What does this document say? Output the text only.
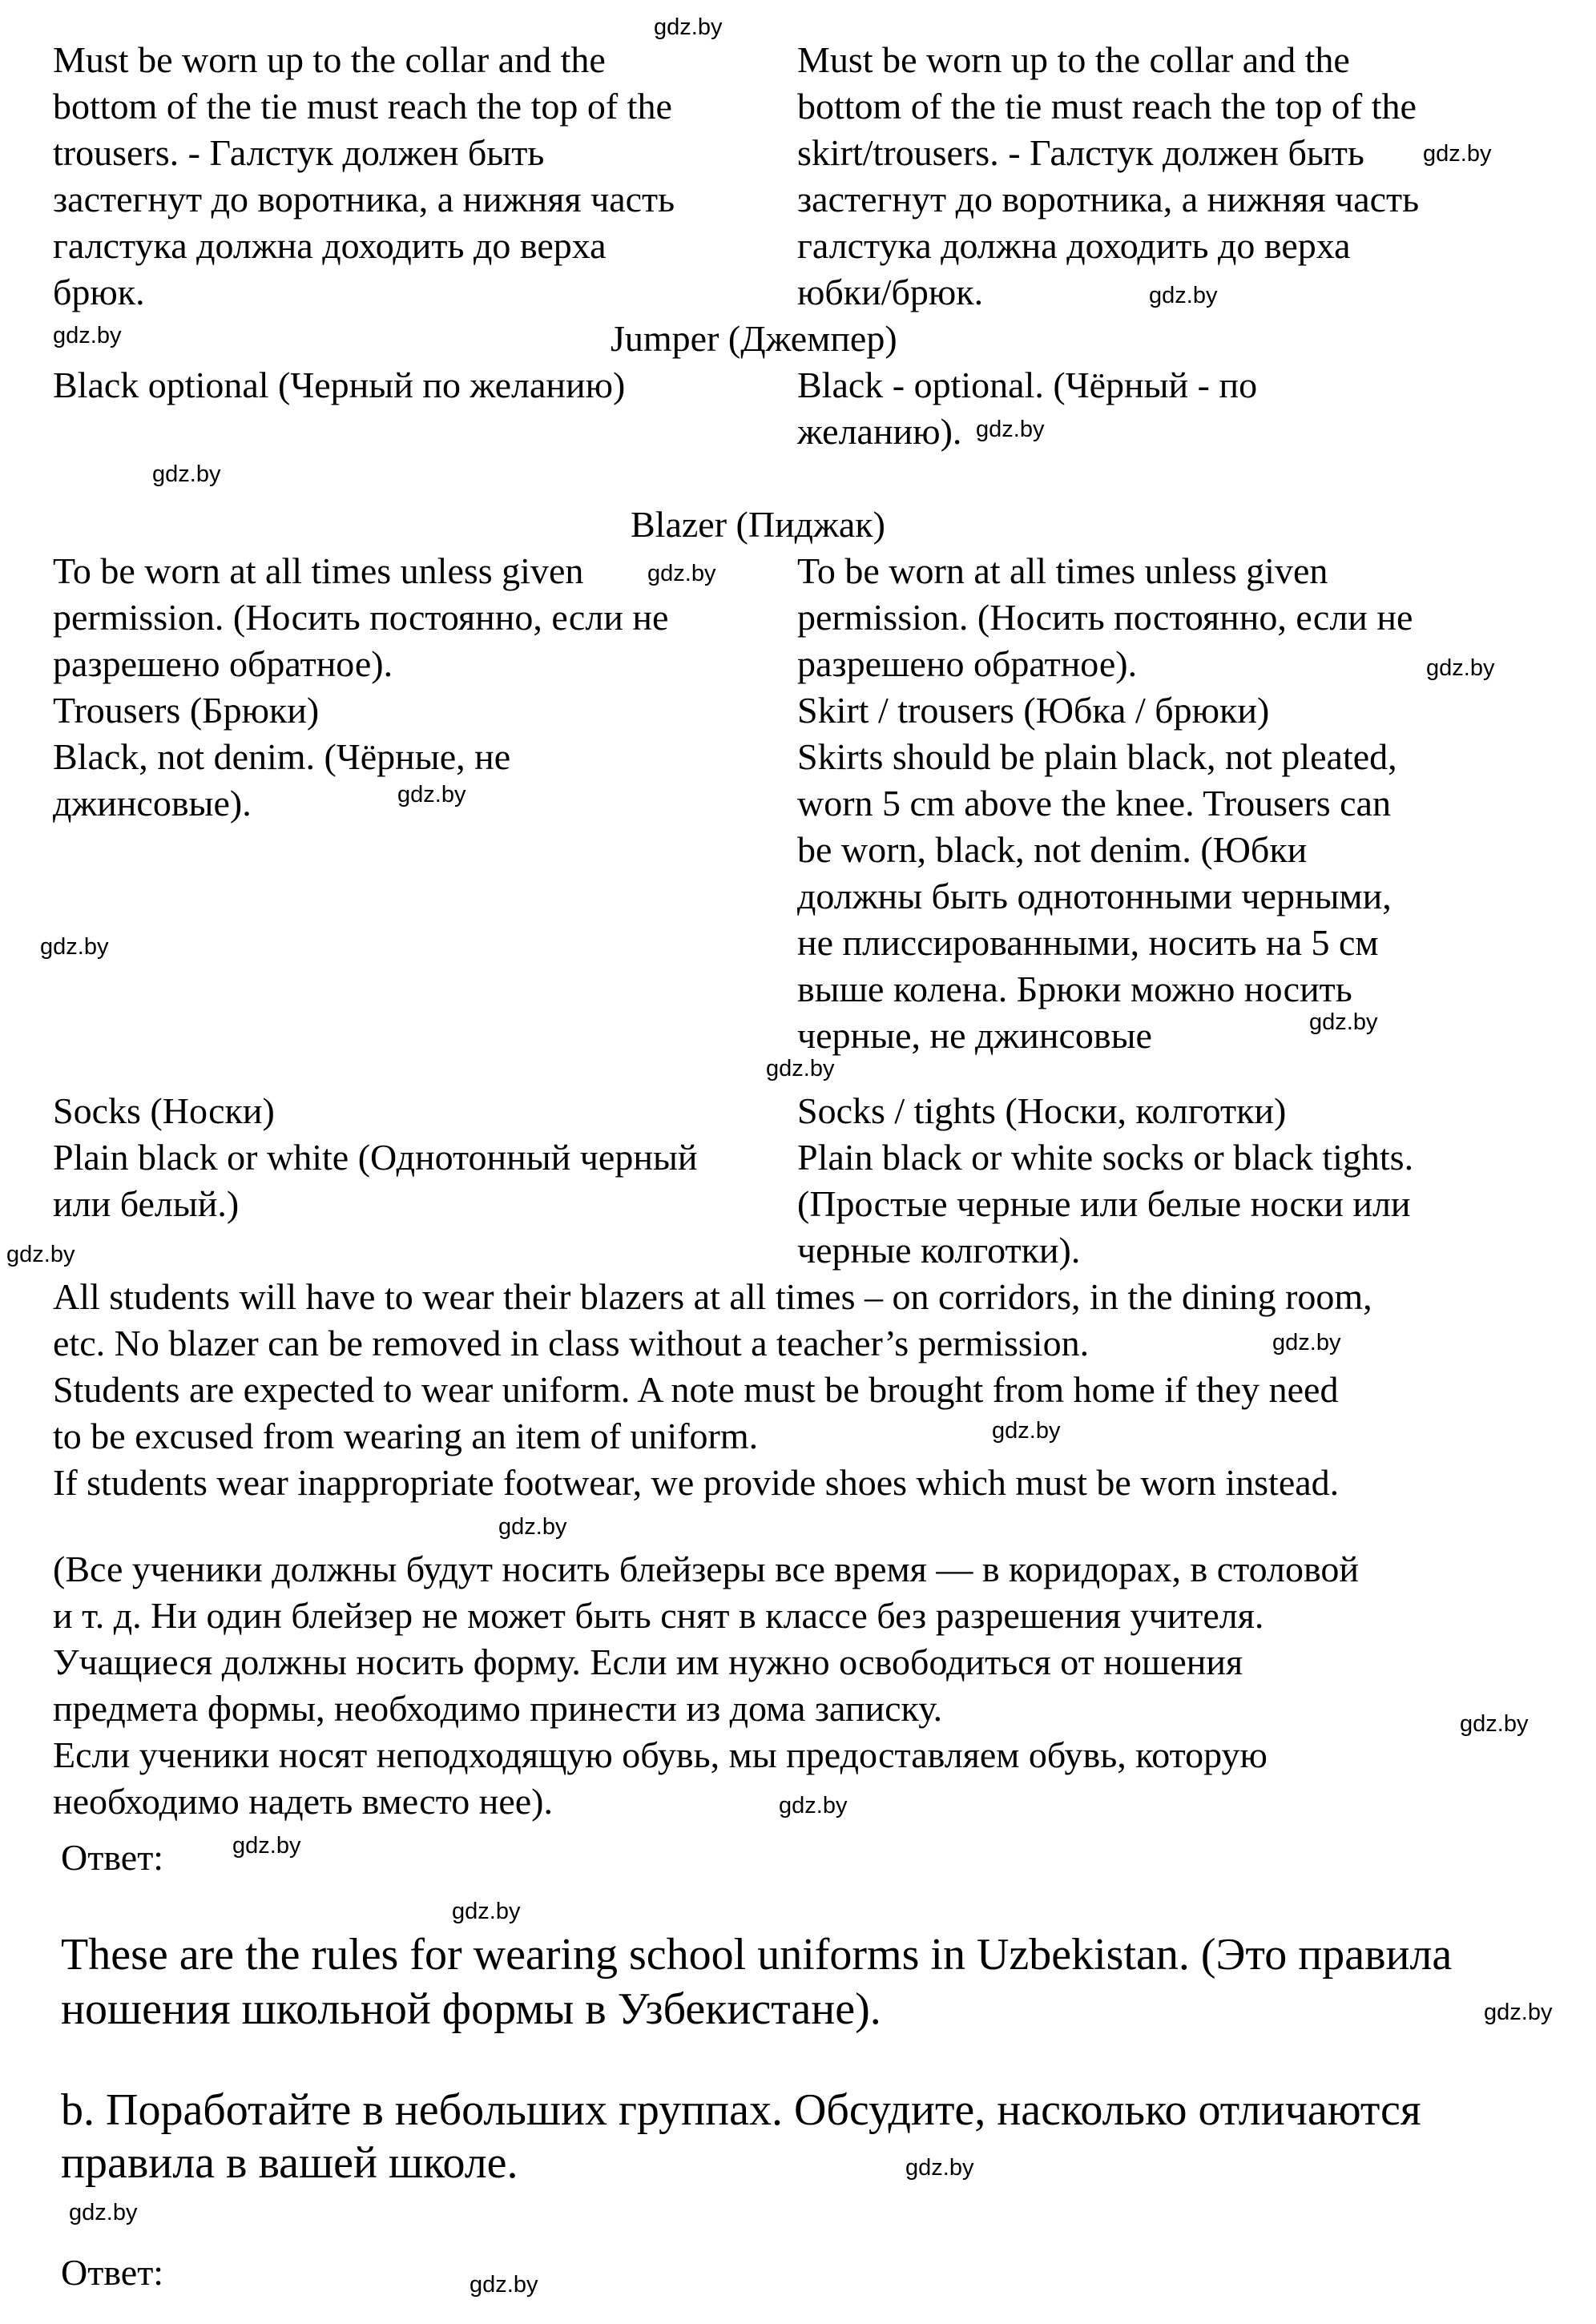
Must be worn up to the collar and the
bottom of the tie must reach the top of the
trousers. - Галстук должен быть
застегнут до воротника, а нижняя часть
галстука должна доходить до верха
брюк.
Must be worn up to the collar and the
bottom of the tie must reach the top of the
skirt/trousers. - Галстук должен быть
застегнут до воротника, а нижняя часть
галстука должна доходить до верха
юбки/брюк.
Jumper (Джемпер)
Black optional (Черный по желанию)	Black - optional. (Чёрный - по
желанию).
Blazer (Пиджак)
To be worn at all times unless given
permission. (Носить постоянно, если не
разрешено обратное).
To be worn at all times unless given
permission. (Носить постоянно, если не
разрешено обратное).
Trousers (Брюки)
Black, not denim. (Чёрные, не
джинсовые).
Skirt / trousers (Юбка / брюки)
Skirts should be plain black, not pleated,
worn 5 cm above the knee. Trousers can
be worn, black, not denim. (Юбки
должны быть однотонными черными,
не плиссированными, носить на 5 см
выше колена. Брюки можно носить
черные, не джинсовые
Socks (Носки)
Plain black or white (Однотонный черный
или белый.)
Socks / tights (Носки, колготки)
Plain black or white socks or black tights.
(Простые черные или белые носки или
черные колготки).
All students will have to wear their blazers at all times – on corridors, in the dining room,
etc. No blazer can be removed in class without a teacher’s permission.
Students are expected to wear uniform. A note must be brought from home if they need
to be excused from wearing an item of uniform.
If students wear inappropriate footwear, we provide shoes which must be worn instead.
(Все ученики должны будут носить блейзеры все время — в коридорах, в столовой
и т. д. Ни один блейзер не может быть снят в классе без разрешения учителя.
Учащиеся должны носить форму. Если им нужно освободиться от ношения
предмета формы, необходимо принести из дома записку.
Если ученики носят неподходящую обувь, мы предоставляем обувь, которую
необходимо надеть вместо нее).
Ответ:
These are the rules for wearing school uniforms in Uzbekistan. (Это правила
ношения школьной формы в Узбекистане).
b. Поработайте в небольших группах. Обсудите, насколько отличаются
правила в вашей школе.
Ответ:
gdz.by
gdz.by
gdz.by
gdz.by
gdz.by
gdz.by
gdz.by
gdz.by
gdz.by
gdz.by
gdz.by
gdz.by
gdz.by
gdz.by
gdz.by
gdz.by
gdz.by
gdz.by
gdz.by
gdz.by
gdz.by
gdz.by
gdz.by
gdz.by
